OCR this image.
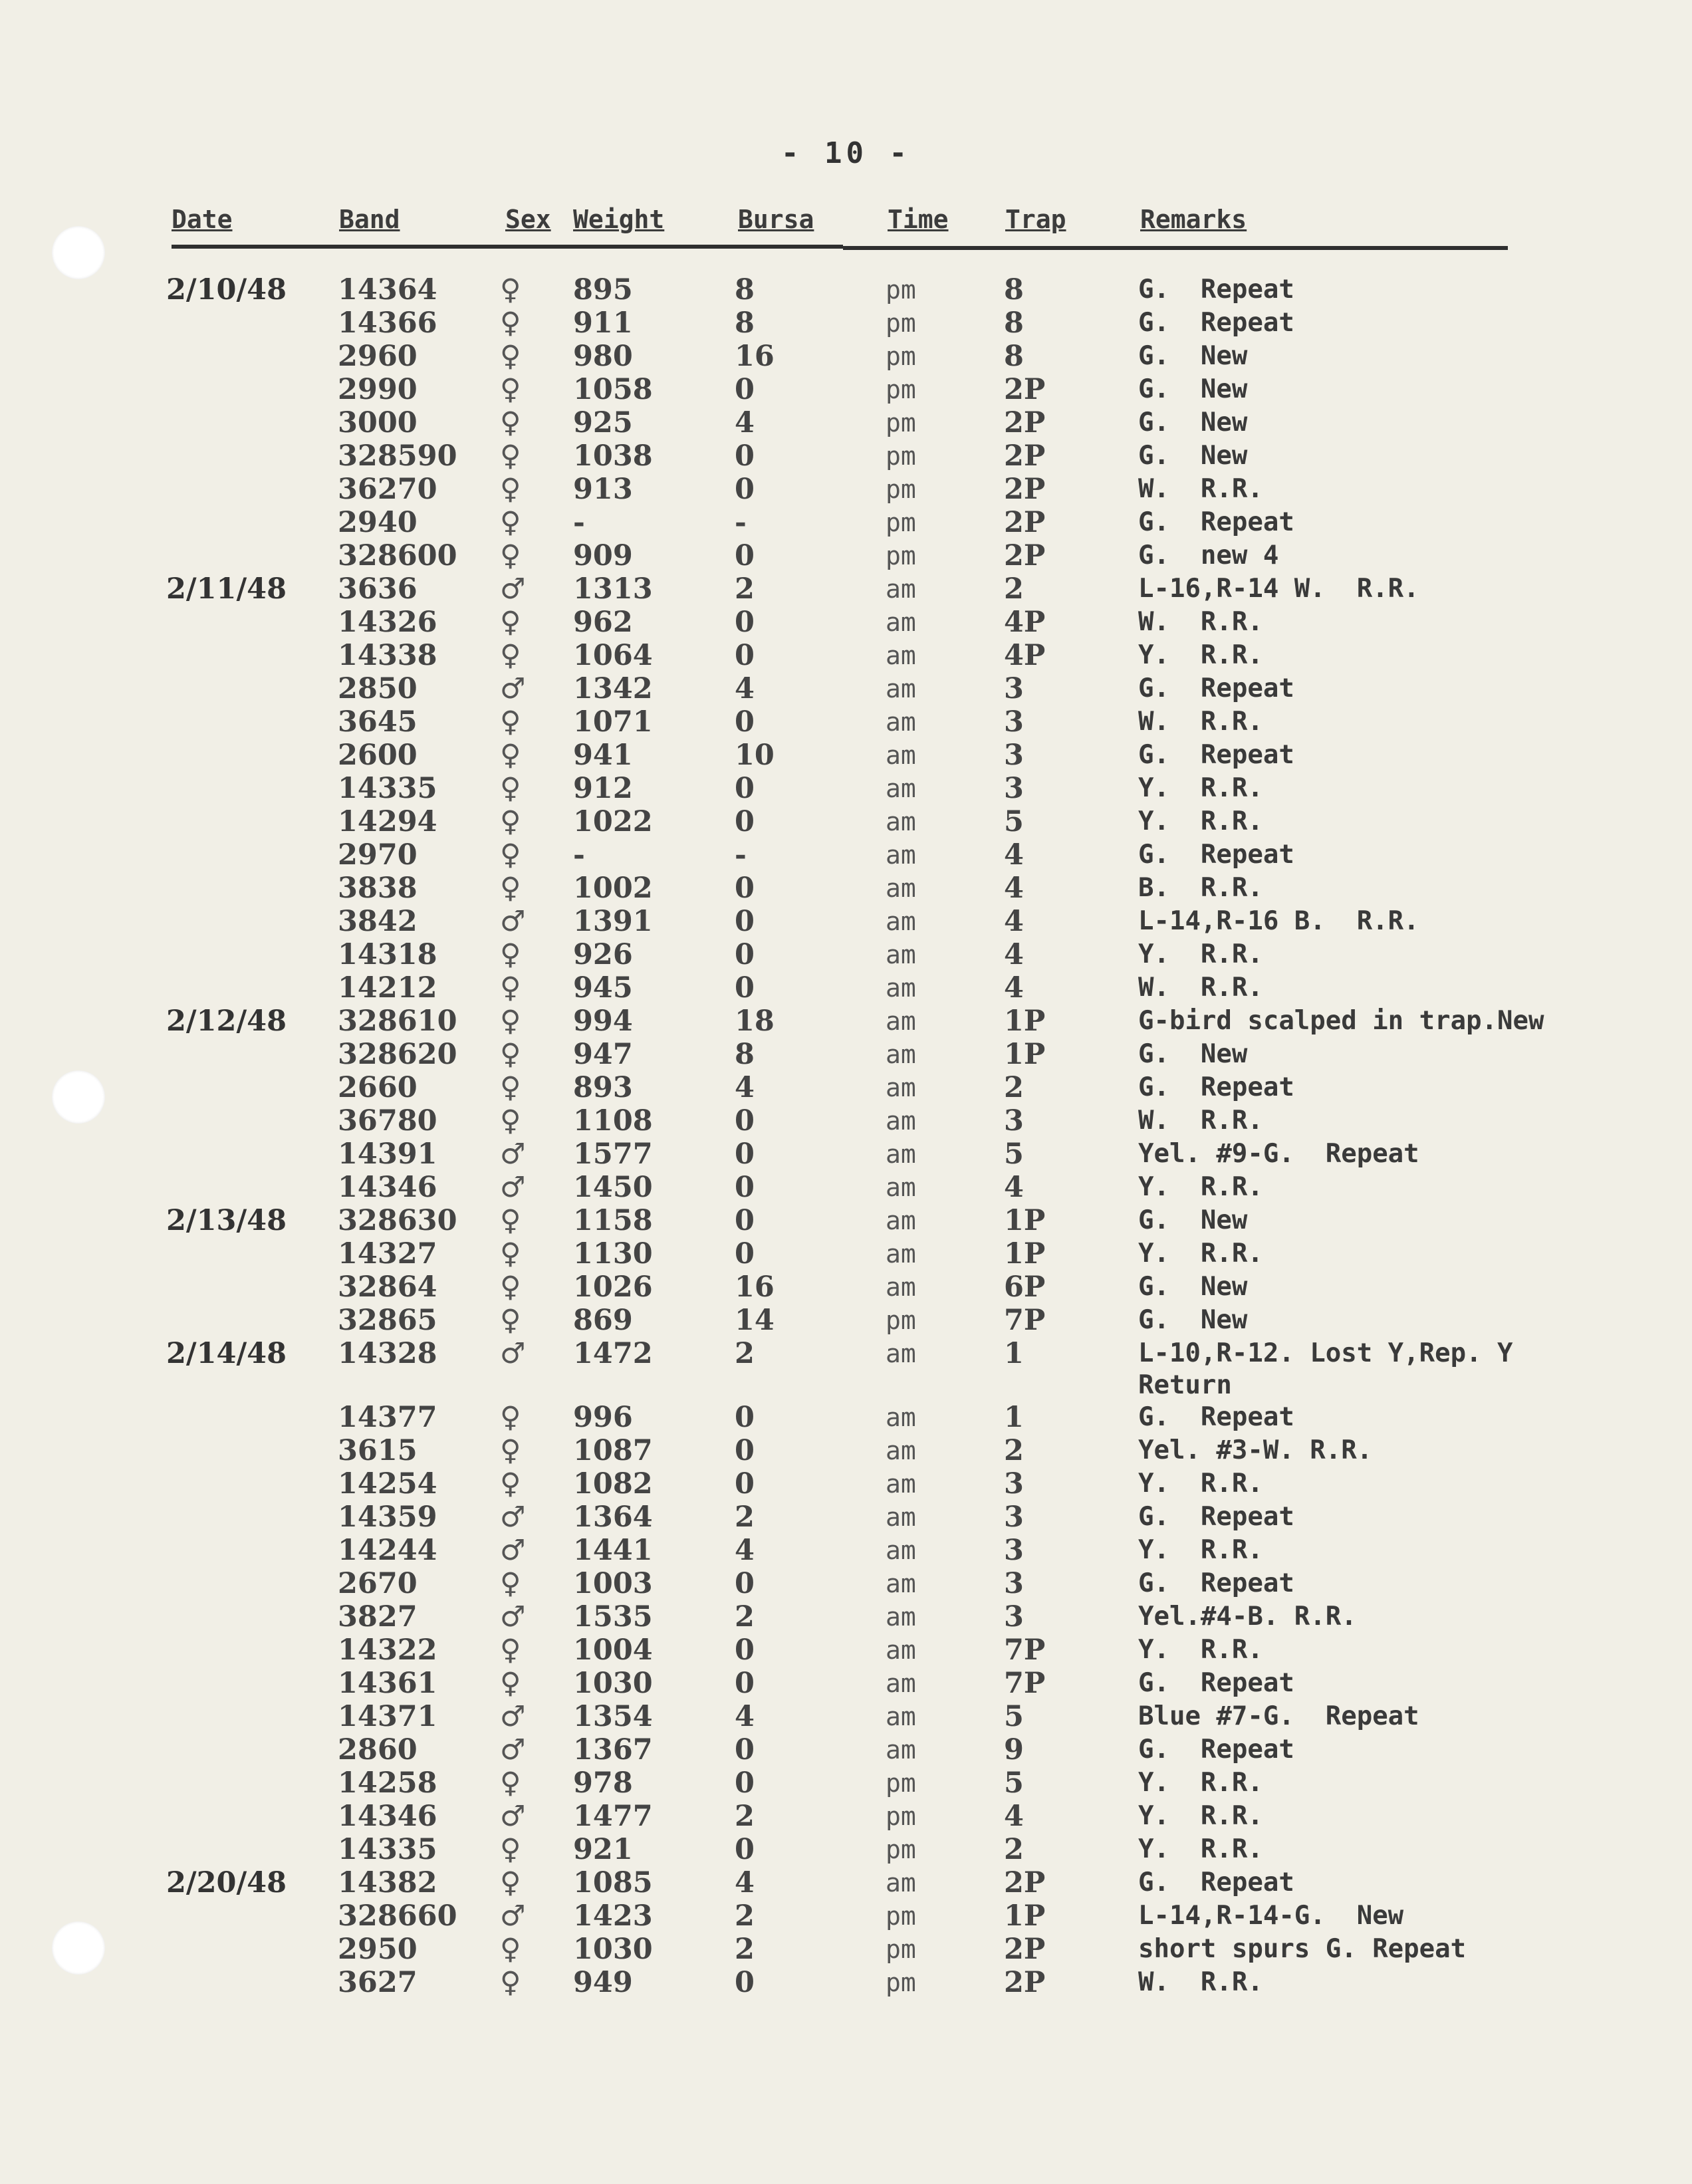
- 10 -
Date	Band	Sex Weight	Bursa	Time Trap	Remarks
2/10/48 14364 ♀ 895	8	pm	8	G.  Repeat
14366 ♀ 911	8	pm	8	G.  Repeat
2960	♀ 980	16	pm	8	G.  New
2990	♀ 1058	0	pm	2P	G.  New
3000	♀ 925	4	pm	2P	G.  New
328590 ♀ 1038	0	pm	2P	G.  New
36270 ♀ 913	0	pm	2P	W.  R.R.
2940	♀ -	-	pm	2P	G.  Repeat
328600 ♀ 909	0	pm	2P	G.  new 4
2/11/48 3636	♂ 1313	2	am	2	L-16,R-14 W.  R.R.
14326 ♀ 962	0	am	4P	W.  R.R.
14338 ♀ 1064	0	am	4P	Y.  R.R.
2850	♂ 1342	4	am	3	G.  Repeat
3645	♀ 1071	0	am	3	W.  R.R.
2600	♀ 941	10	am	3	G.  Repeat
14335 ♀ 912	0	am	3	Y.  R.R.
14294 ♀ 1022	0	am	5	Y.  R.R.
2970	♀ -	-	am	4	G.  Repeat
3838	♀ 1002	0	am	4	B.  R.R.
3842	♂ 1391	0	am	4	L-14,R-16 B.  R.R.
14318 ♀ 926	0	am	4	Y.  R.R.
14212 ♀ 945	0	am	4	W.  R.R.
2/12/48 328610 ♀ 994	18	am	1P	G-bird scalped in trap.New
328620 ♀ 947	8	am	1P	G.  New
2660	♀ 893	4	am	2	G.  Repeat
36780 ♀ 1108	0	am	3	W.  R.R.
14391 ♂ 1577	0	am	5	Yel. #9-G.  Repeat
14346 ♂ 1450	0	am	4	Y.  R.R.
2/13/48 328630 ♀ 1158	0	am	1P	G.  New
14327 ♀ 1130	0	am	1P	Y.  R.R.
32864 ♀ 1026	16	am	6P	G.  New
32865 ♀ 869	14	pm	7P	G.  New
2/14/48 14328 ♂ 1472	2	am	1	L-10,R-12. Lost Y,Rep. Y
Return
14377 ♀ 996	0	am	1	G.  Repeat
3615	♀ 1087	0	am	2	Yel. #3-W. R.R.
14254 ♀ 1082	0	am	3	Y.  R.R.
14359 ♂ 1364	2	am	3	G.  Repeat
14244 ♂ 1441	4	am	3	Y.  R.R.
2670	♀ 1003	0	am	3	G.  Repeat
3827	♂ 1535	2	am	3	Yel.#4-B. R.R.
14322 ♀ 1004	0	am	7P	Y.  R.R.
14361 ♀ 1030	0	am	7P	G.  Repeat
14371 ♂ 1354	4	am	5	Blue #7-G.  Repeat
2860	♂ 1367	0	am	9	G.  Repeat
14258 ♀ 978	0	pm	5	Y.  R.R.
14346 ♂ 1477	2	pm	4	Y.  R.R.
14335 ♀ 921	0	pm	2	Y.  R.R.
2/20/48 14382 ♀ 1085	4	am	2P	G.  Repeat
328660 ♂ 1423	2	pm	1P	L-14,R-14-G.  New
2950	♀ 1030	2	pm	2P	short spurs G. Repeat
3627	♀ 949	0	pm	2P	W.  R.R.
